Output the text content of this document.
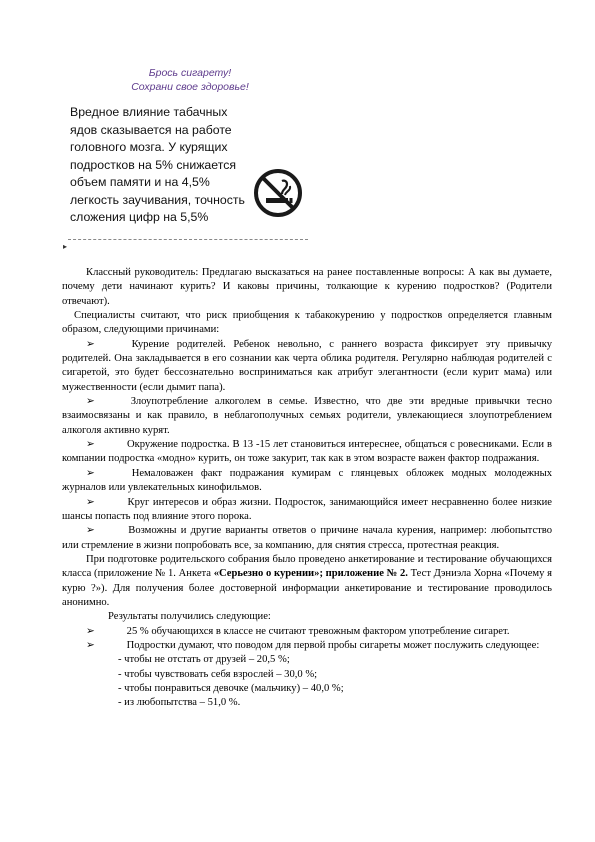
Брось сигарету!
Сохрани свое здоровье!
Вредное влияние табачных
ядов сказывается на работе
головного мозга. У курящих
подростков на 5% снижается
объем памяти и на 4,5%
легкость заучивания, точность
сложения цифр на 5,5%
▸

Классный руководитель: Предлагаю высказаться на ранее поставленные вопросы: А как вы думаете, почему дети начинают курить? И каковы причины, толкающие к курению подростков? (Родители отвечают).

Специалисты считают, что риск приобщения к табакокурению у подростков определяется главным образом, следующими причинами:

➢	Курение родителей. Ребенок невольно, с раннего возраста фиксирует эту привычку родителей. Она закладывается в его сознании как черта облика родителя. Регулярно наблюдая родителей с сигаретой, это будет бессознательно восприниматься как атрибут элегантности (если курит мама) или мужественности (если дымит папа).

➢	Злоупотребление алкоголем в семье. Известно, что две эти вредные привычки тесно взаимосвязаны и как правило, в неблагополучных семьях родители, увлекающиеся злоупотреблением алкоголя активно курят.

➢	Окружение подростка. В 13 -15 лет становиться интереснее, общаться с ровесниками. Если в компании подростка «модно» курить, он тоже закурит, так как в этом возрасте важен фактор подражания.

➢	Немаловажен факт подражания кумирам с глянцевых обложек модных молодежных журналов или увлекательных кинофильмов.

➢	Круг интересов и образ жизни. Подросток, занимающийся имеет несравненно более низкие шансы попасть под влияние этого порока.

➢	Возможны и другие варианты ответов о причине начала курения, например: любопытство или стремление в жизни попробовать все, за компанию, для снятия стресса, протестная реакция.

При подготовке родительского собрания было проведено анкетирование и тестирование обучающихся класса (приложение № 1. Анкета «Серьезно о курении»; приложение № 2. Тест Дэниэла Хорна «Почему я курю ?»). Для получения более достоверной информации анкетирование и тестирование проводилось анонимно.

Результаты получились следующие:

➢	25 % обучающихся в классе не считают тревожным фактором употребление сигарет.

➢	Подростки думают, что поводом для первой пробы сигареты может послужить следующее:

- чтобы не отстать от друзей – 20,5 %;

- чтобы чувствовать себя взрослей – 30,0 %;

- чтобы понравиться девочке (мальчику) – 40,0 %;

- из любопытства – 51,0 %.
